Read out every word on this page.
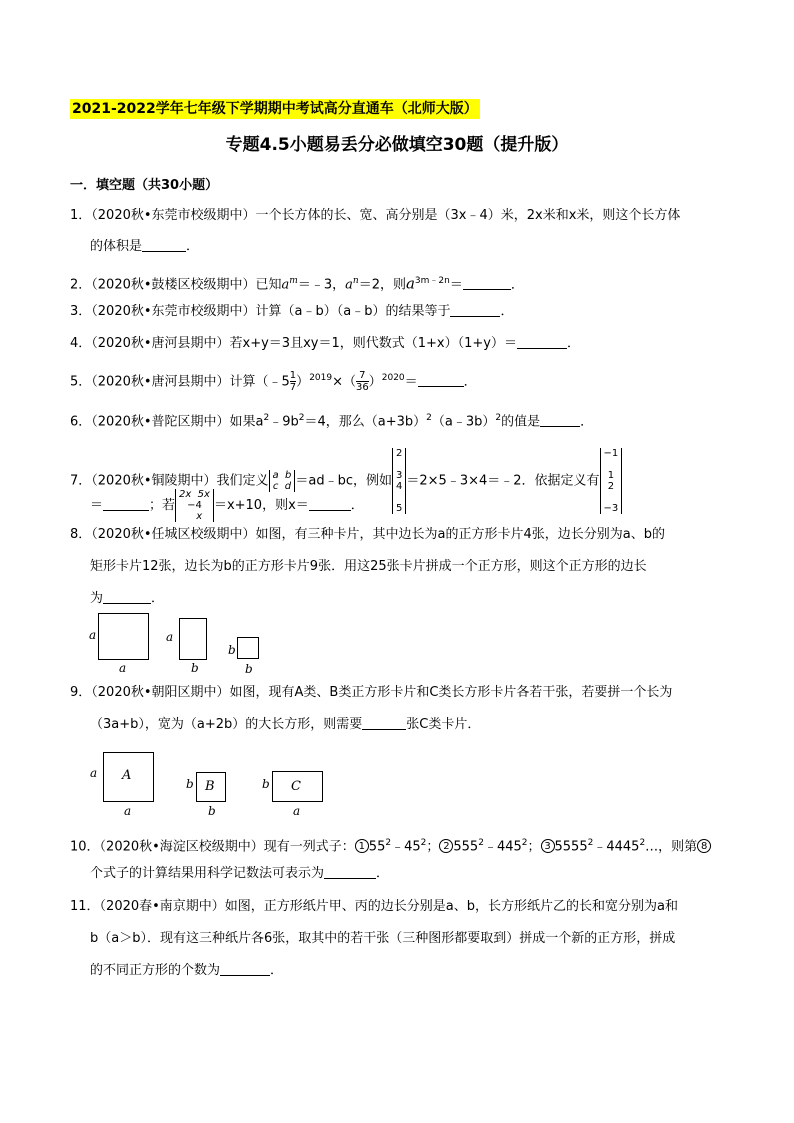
2021-2022学年七年级下学期期中考试高分直通车（北师大版）
专题4.5小题易丢分必做填空30题（提升版）
一．填空题（共30小题）
1．（2020秋•东莞市校级期中）一个长方体的长、宽、高分别是（3x﹣4）米，2x米和x米，则这个长方体
的体积是	．
2．（2020秋•鼓楼区校级期中）已知$a^m=﹣3$，$a^n=2$，则$a^{3m﹣2n}=$	．
3．（2020秋•东莞市校级期中）计算（a﹣b）（a﹣b）的结果等于	．
4．（2020秋•唐河县期中）若x+y＝3且xy＝1，则代数式（1+x）（1+y）＝	．
5．（2020秋•唐河县期中）计算（﹣5 $\frac{1}{7} )^{2019}\times( \frac{7}{36} )^{2020}=$	．
6．（2020秋•普陀区期中）如果$a^2﹣9b^2=4$，那么$(a+3b)^2(a﹣3b)^2$的值是	．
7．（2020秋•铜陵期中）我们定义 a b
c d ＝ad﹣bc，例如
2

3
4

5
＝2×5﹣3×4＝﹣2．依据定义有
−1

1
2

−3
＝	；若
2x 5x
−4
x
＝x+10，则x＝	．
8．（2020秋•任城区校级期中）如图，有三种卡片，其中边长为a的正方形卡片4张，边长分别为a、b的
矩形卡片12张，边长为b的正方形卡片9张．用这25张卡片拼成一个正方形，则这个正方形的边长
为	．
a
a
a
b
b
b
9．（2020秋•朝阳区期中）如图，现有A类、B类正方形卡片和C类长方形卡片各若干张，若要拼一个长为
（3a+b），宽为（a+2b）的大长方形，则需要	张C类卡片．
A
a
a
B
b
b
C
b
a
10．（2020秋•海淀区校级期中）现有一列式子： 1 $55^2﹣45^2$； 2 $555^2﹣445^2$； 3 5555$^2$﹣4445$^2$…，则第 8
个式子的计算结果用科学记数法可表示为	．
11．（2020春•南京期中）如图，正方形纸片甲、丙的边长分别是a、b，长方形纸片乙的长和宽分别为a和
b（a＞b）．现有这三种纸片各6张，取其中的若干张（三种图形都要取到）拼成一个新的正方形，拼成
的不同正方形的个数为	．
